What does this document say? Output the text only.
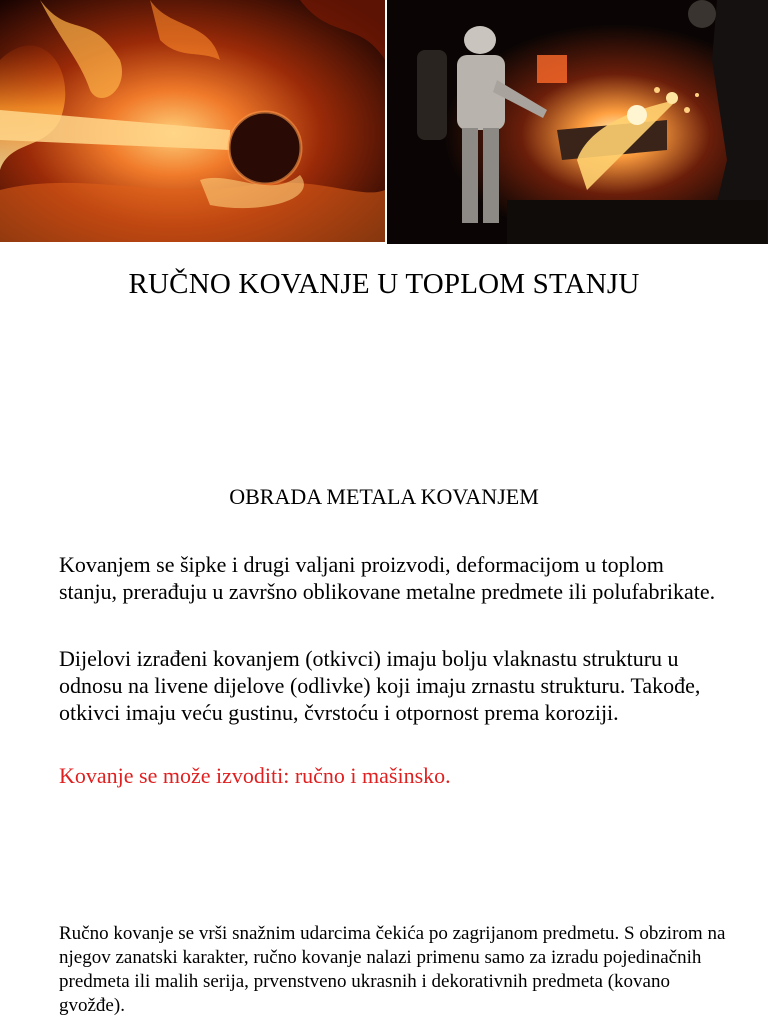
RUČNO KOVANJE U TOPLOM STANJU
OBRADA METALA KOVANJEM
Kovanjem se šipke i drugi valjani proizvodi, deformacijom u toplom stanju, prerađuju u završno oblikovane metalne predmete ili polufabrikate.
Dijelovi izrađeni kovanjem (otkivci) imaju bolju vlaknastu strukturu u odnosu na livene dijelove (odlivke) koji imaju zrnastu strukturu. Takođe, otkivci imaju veću gustinu, čvrstoću i otpornost prema koroziji.
Kovanje se može izvoditi: ručno i mašinsko.
Ručno kovanje se vrši snažnim udarcima čekića po zagrijanom predmetu. S obzirom na njegov zanatski karakter, ručno kovanje nalazi primenu samo za izradu pojedinačnih predmeta ili malih serija, prvenstveno ukrasnih i dekorativnih predmeta (kovano gvožđe).
